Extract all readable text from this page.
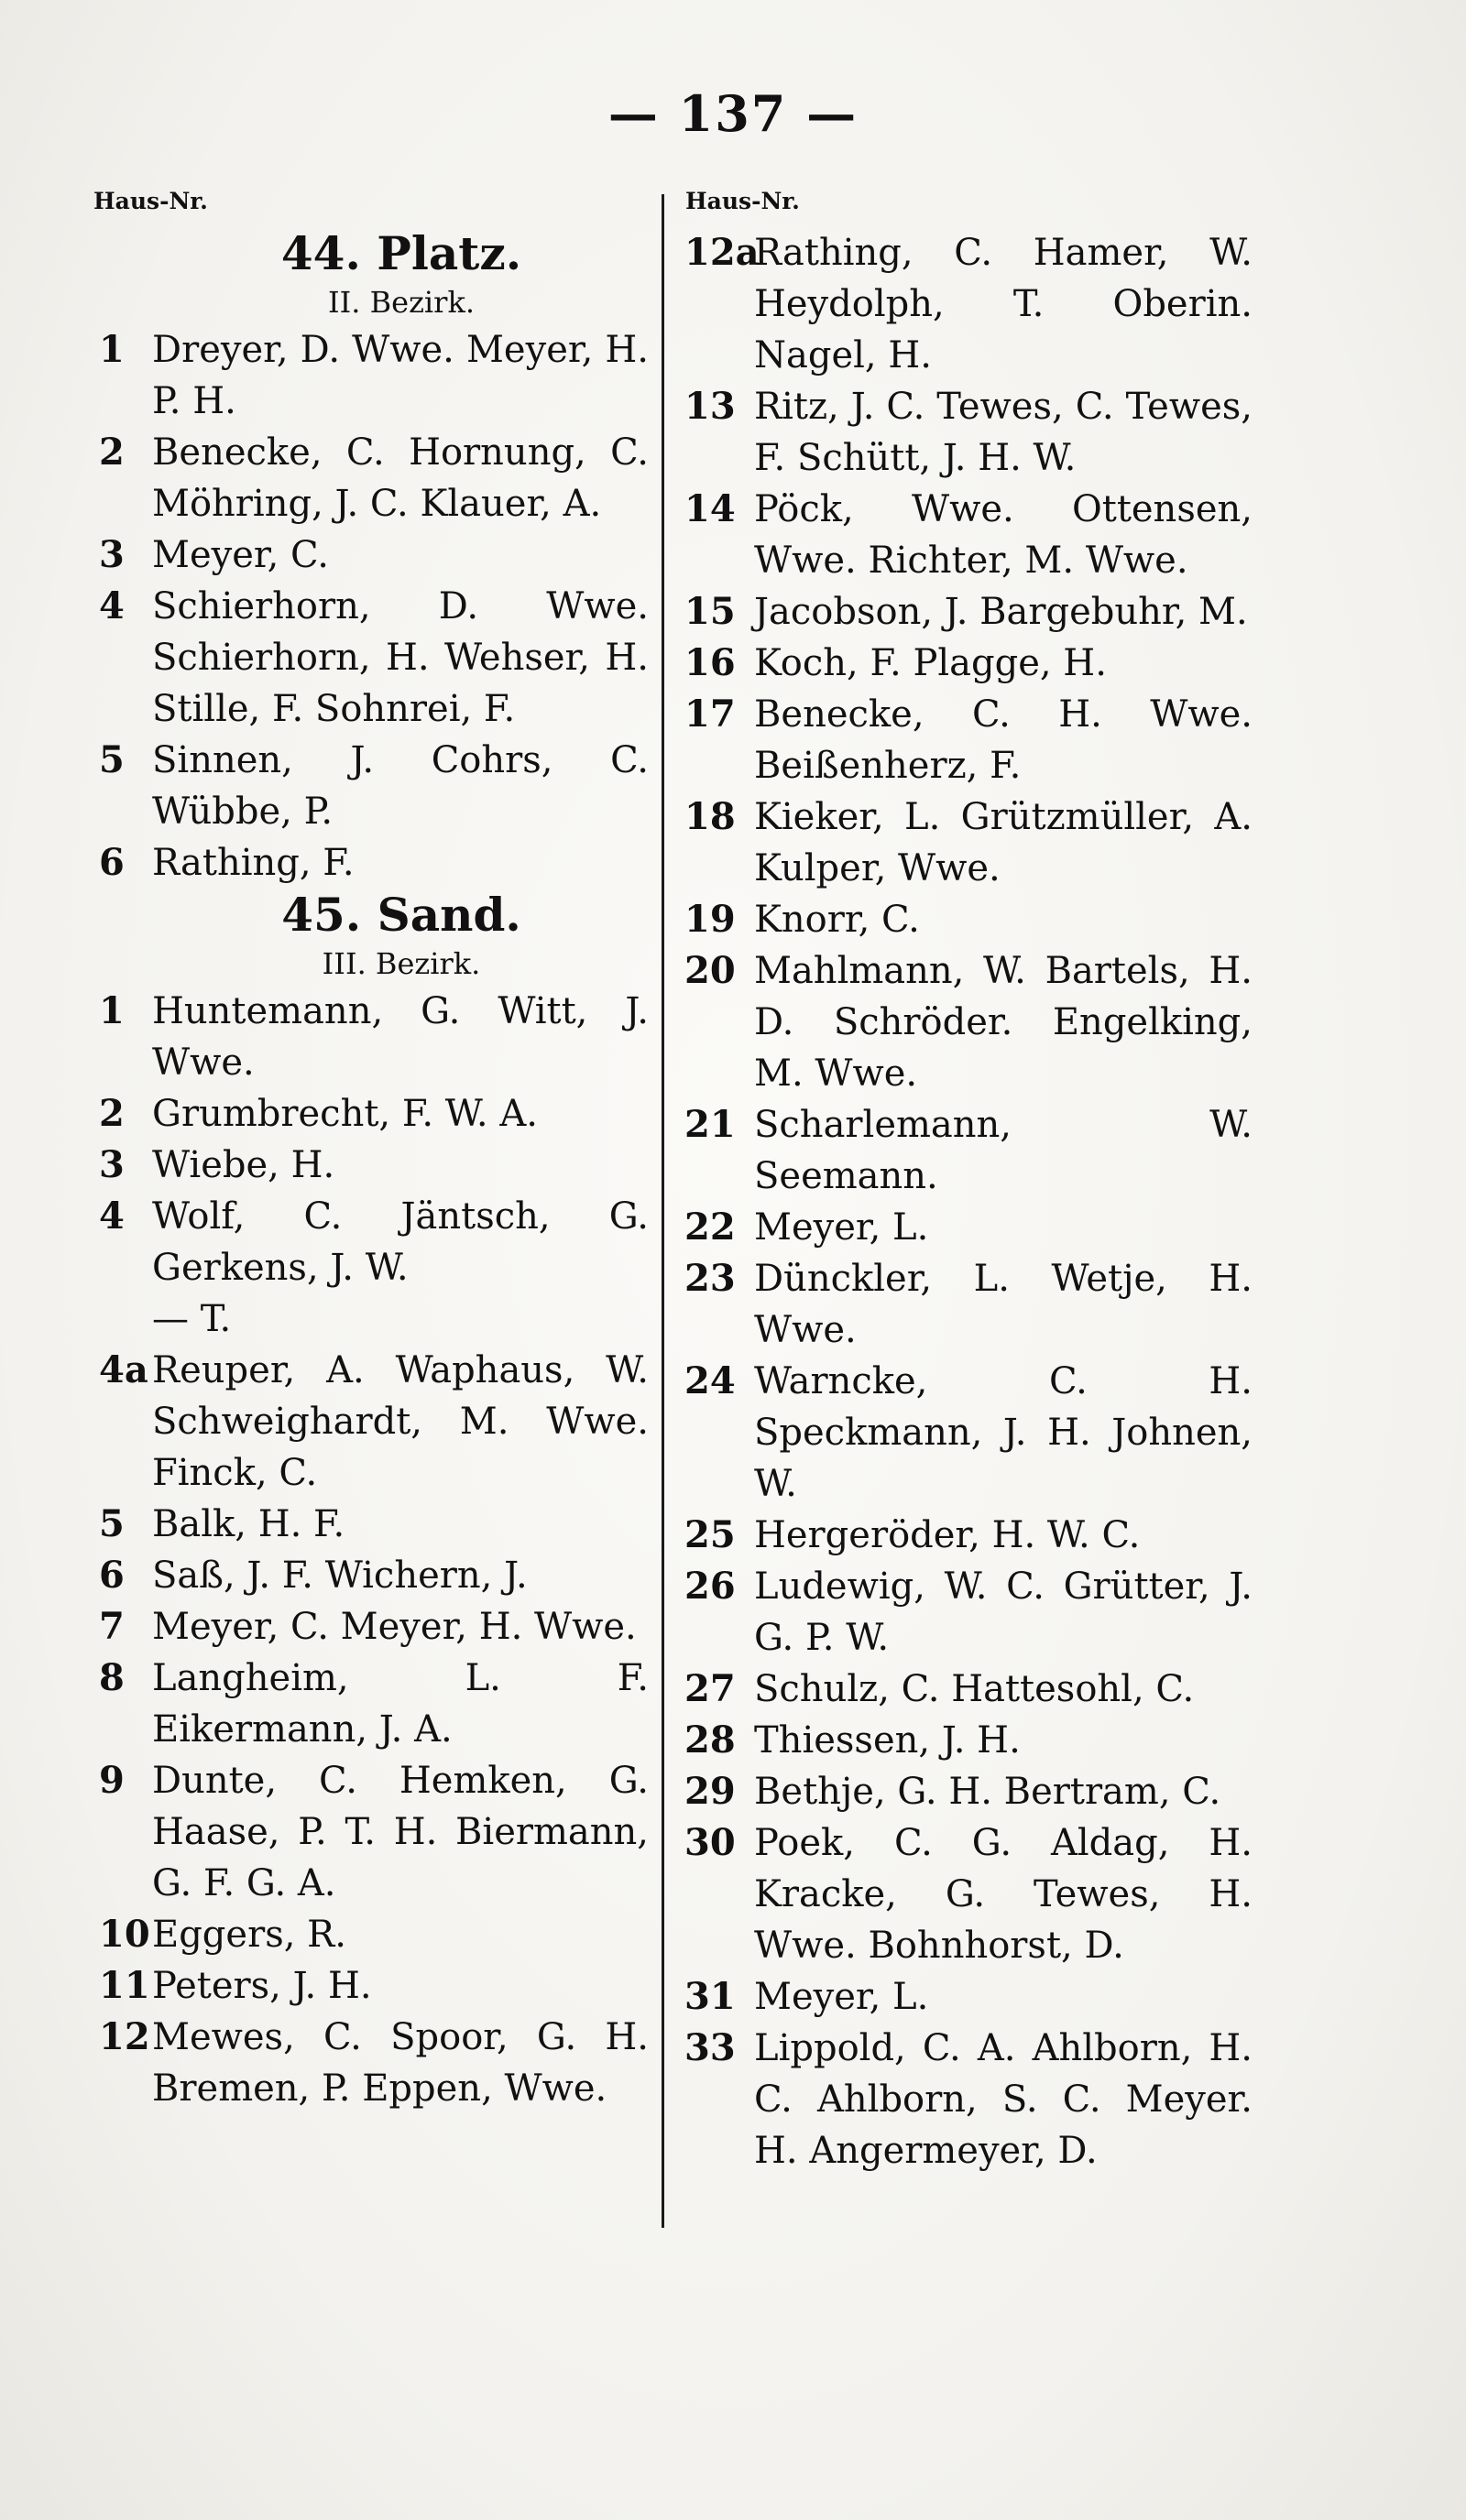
— 137 —
Haus-Nr.	Haus-Nr.
44. Platz.
II. Bezirk.
1 Dreyer, D. Wwe. Meyer, H. P. H.
2 Benecke, C. Hornung, C. Möhring, J. C. Klauer, A.
3 Meyer, C.
4 Schierhorn, D. Wwe. Schierhorn, H. Wehser, H. Stille, F. Sohnrei, F.
5 Sinnen, J. Cohrs, C. Wübbe, P.
6 Rathing, F.
45. Sand.
III. Bezirk.
1 Huntemann, G. Witt, J. Wwe.
2 Grumbrecht, F. W. A.
3 Wiebe, H.
4 Wolf, C. Jäntsch, G. Gerkens, J. W.
— T.
4a Reuper, A. Waphaus, W. Schweighardt, M. Wwe. Finck, C.
5 Balk, H. F.
6 Saß, J. F. Wichern, J.
7 Meyer, C. Meyer, H. Wwe.
8 Langheim, L. F. Eikermann, J. A.
9 Dunte, C. Hemken, G. Haase, P. T. H. Biermann, G. F. G. A.
10 Eggers, R.
11 Peters, J. H.
12 Mewes, C. Spoor, G. H. Bremen, P. Eppen, Wwe.
12a
Rathing, C. Hamer, W. Heydolph, T. Oberin. Nagel, H.
13 Ritz, J. C. Tewes, C. Tewes, F. Schütt, J. H. W.
14 Pöck, Wwe. Ottensen, Wwe. Richter, M. Wwe.
15 Jacobson, J. Bargebuhr, M.
16 Koch, F. Plagge, H.
17 Benecke, C. H. Wwe. Beißenherz, F.
18 Kieker, L. Grützmüller, A. Kulper, Wwe.
19 Knorr, C.
20 Mahlmann, W. Bartels, H. D. Schröder. Engelking, M. Wwe.
21 Scharlemann, W. Seemann.
22 Meyer, L.
23 Dünckler, L. Wetje, H. Wwe.
24 Warncke, C. H. Speckmann, J. H. Johnen, W.
25 Hergeröder, H. W. C.
26 Ludewig, W. C. Grütter, J. G. P. W.
27 Schulz, C. Hattesohl, C.
28 Thiessen, J. H.
29 Bethje, G. H. Bertram, C.
30 Poek, C. G. Aldag, H. Kracke, G. Tewes, H. Wwe. Bohnhorst, D.
31 Meyer, L.
33 Lippold, C. A. Ahlborn, H. C. Ahlborn, S. C. Meyer. H. Angermeyer, D.
